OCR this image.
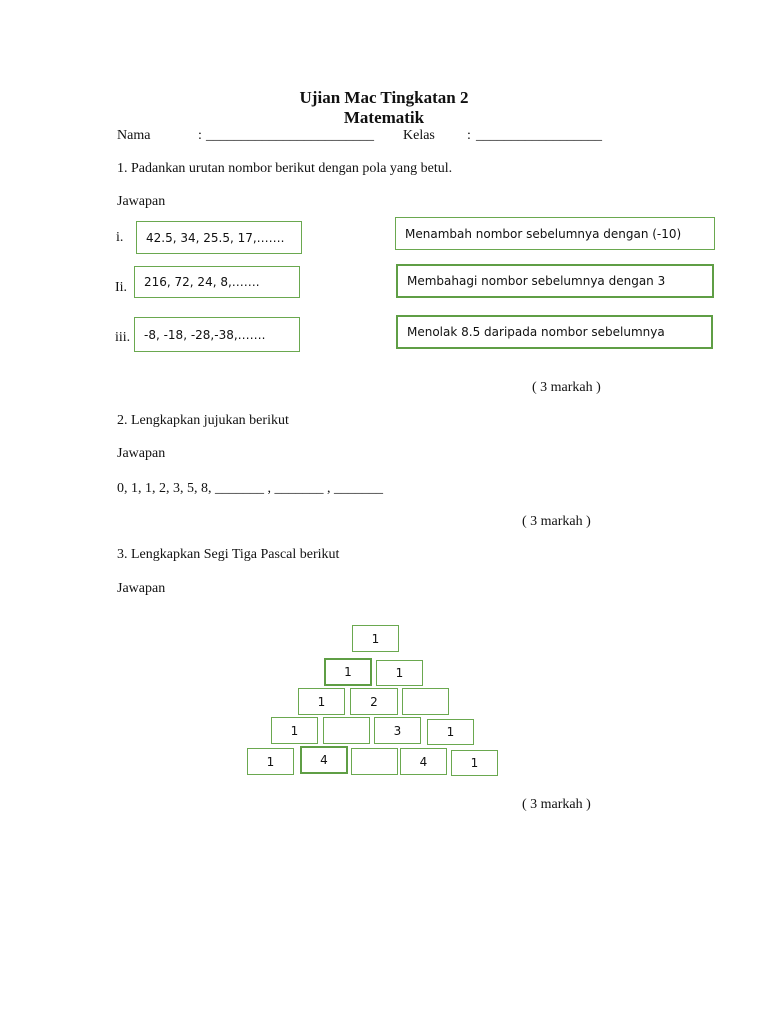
Ujian Mac Tingkatan 2
Matematik
Nama	: ________________________ Kelas : __________________
1. Padankan urutan nombor berikut dengan pola yang betul.
Jawapan
i. 42.5, 34, 25.5, 17,…….
Ii. 216, 72, 24, 8,…….
iii. -8, -18, -28,-38,…….
Menambah nombor sebelumnya dengan (-10)
Membahagi nombor sebelumnya dengan 3
Menolak 8.5 daripada nombor sebelumnya
( 3 markah )
2. Lengkapkan jujukan berikut
Jawapan
0, 1, 1, 2, 3, 5, 8, _______ , _______ , _______
( 3 markah )
3. Lengkapkan Segi Tiga Pascal berikut
Jawapan
1
1	1
1	2
1	3	1
1	4	4	1
( 3 markah )
